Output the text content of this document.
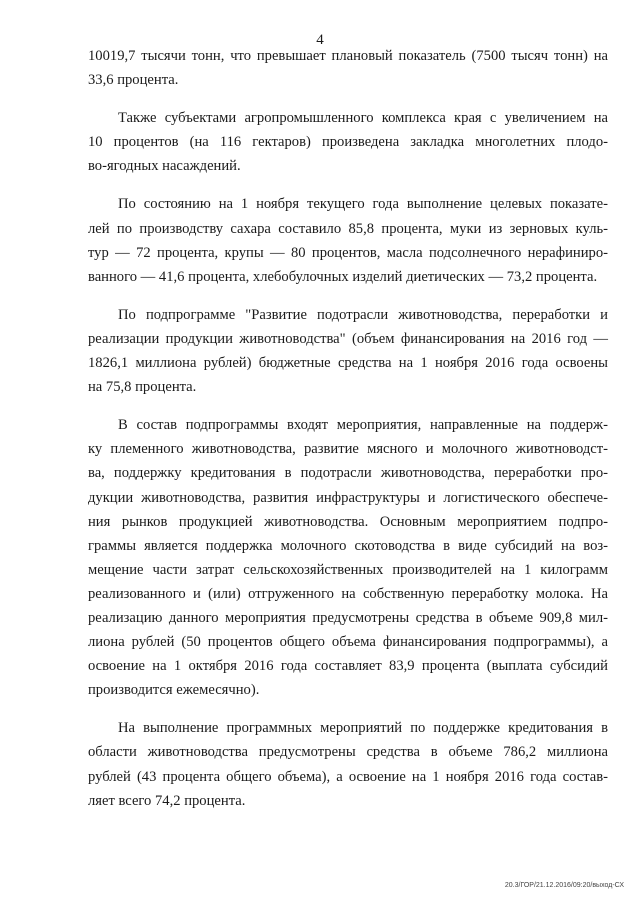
4

10019,7 тысячи тонн, что превышает плановый показатель (7500 тысяч тонн) на
33,6 процента.

Также субъектами агропромышленного комплекса края с увеличением на
10 процентов (на 116 гектаров) произведена закладка многолетних плодо-
во-ягодных насаждений.

По состоянию на 1 ноября текущего года выполнение целевых показате-
лей по производству сахара составило 85,8 процента, муки из зерновых куль-
тур — 72 процента, крупы — 80 процентов, масла подсолнечного нерафиниро-
ванного — 41,6 процента, хлебобулочных изделий диетических — 73,2 процента.

По подпрограмме "Развитие подотрасли животноводства, переработки и
реализации продукции животноводства" (объем финансирования на 2016 год —
1826,1 миллиона рублей) бюджетные средства на 1 ноября 2016 года освоены
на 75,8 процента.

В состав подпрограммы входят мероприятия, направленные на поддерж-
ку племенного животноводства, развитие мясного и молочного животноводст-
ва, поддержку кредитования в подотрасли животноводства, переработки про-
дукции животноводства, развития инфраструктуры и логистического обеспече-
ния рынков продукцией животноводства. Основным мероприятием подпро-
граммы является поддержка молочного скотоводства в виде субсидий на воз-
мещение части затрат сельскохозяйственных производителей на 1 килограмм
реализованного и (или) отгруженного на собственную переработку молока. На
реализацию данного мероприятия предусмотрены средства в объеме 909,8 мил-
лиона рублей (50 процентов общего объема финансирования подпрограммы), а
освоение на 1 октября 2016 года составляет 83,9 процента (выплата субсидий
производится ежемесячно).

На выполнение программных мероприятий по поддержке кредитования в
области животноводства предусмотрены средства в объеме 786,2 миллиона
рублей (43 процента общего объема), а освоение на 1 ноября 2016 года состав-
ляет всего 74,2 процента.

20.3/ГОР/21.12.2016/09:20/выход-СХ
